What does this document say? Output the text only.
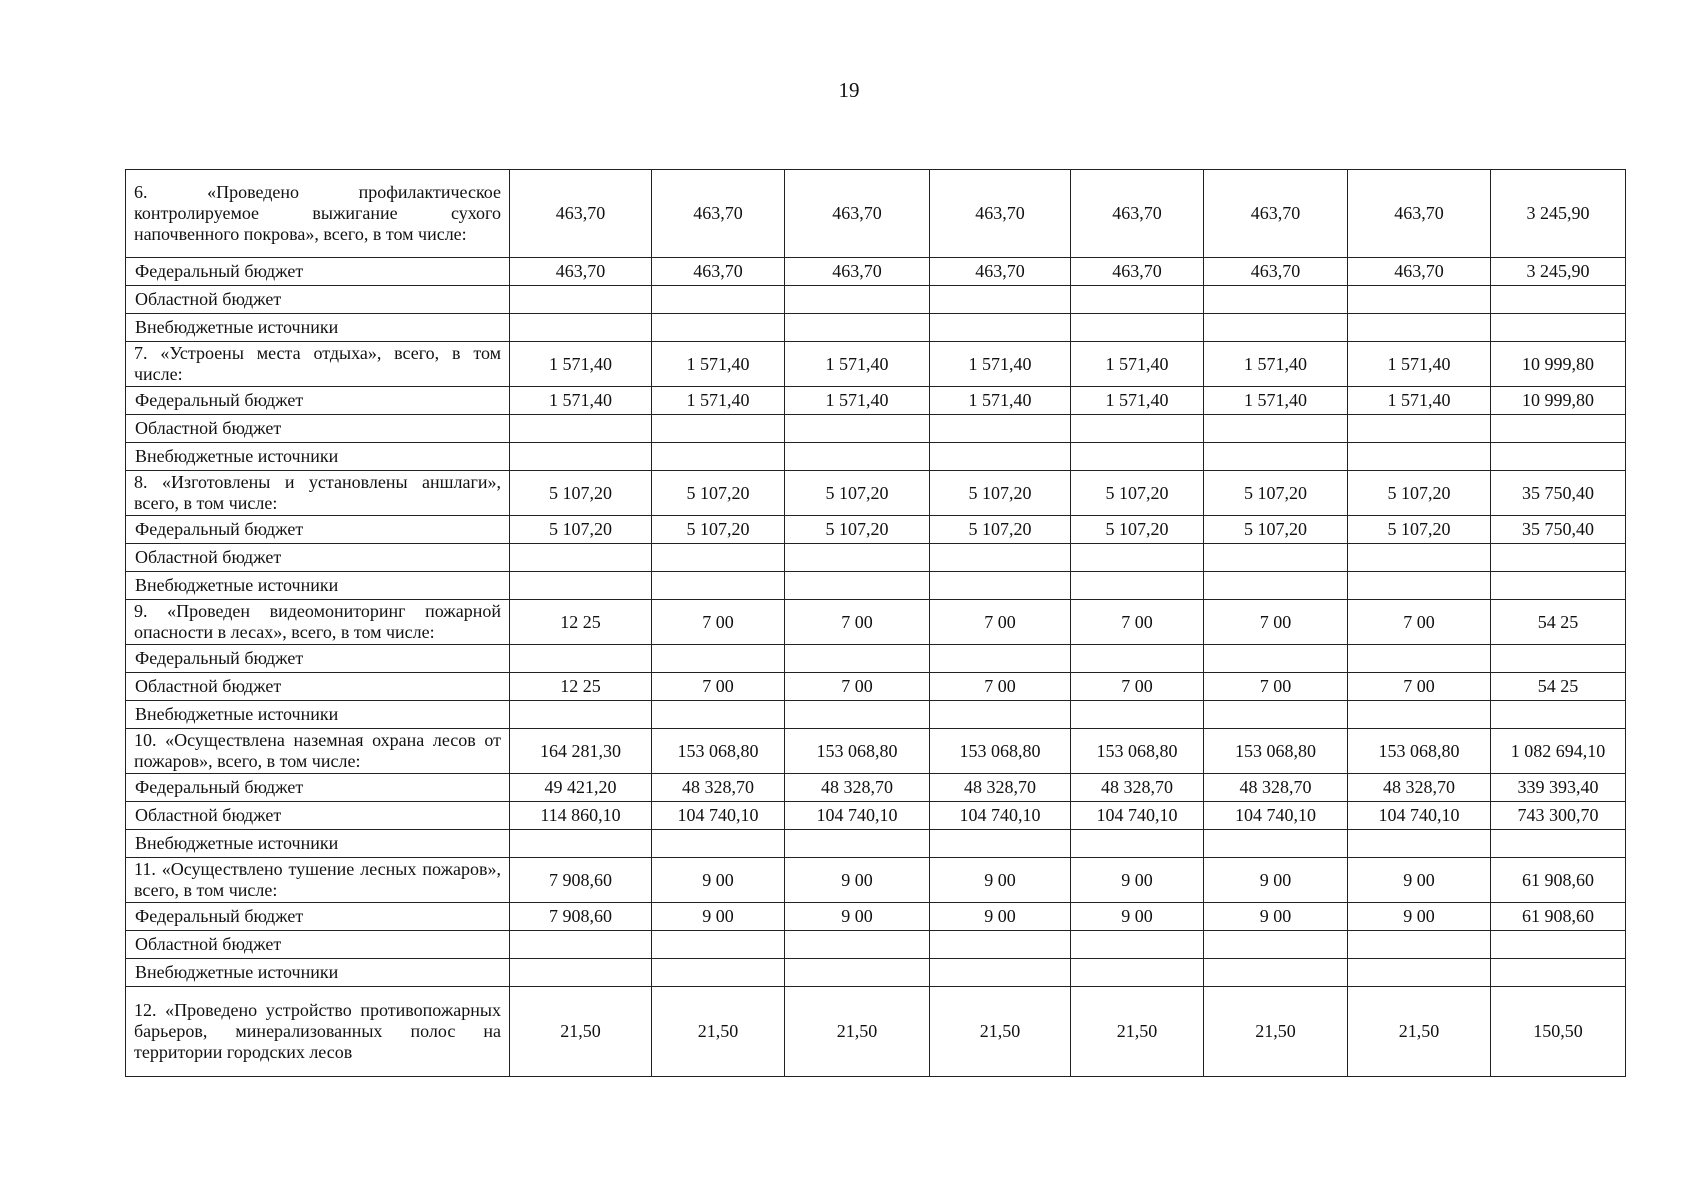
19
6. «Проведено профилактическое контролируемое выжигание сухого напочвенного покрова», всего, в том числе:	463,70	463,70	463,70	463,70	463,70	463,70	463,70	3 245,90
Федеральный бюджет	463,70	463,70	463,70	463,70	463,70	463,70	463,70	3 245,90
Областной бюджет								
Внебюджетные источники								
7. «Устроены места отдыха», всего, в том числе:	1 571,40	1 571,40	1 571,40	1 571,40	1 571,40	1 571,40	1 571,40	10 999,80
Федеральный бюджет	1 571,40	1 571,40	1 571,40	1 571,40	1 571,40	1 571,40	1 571,40	10 999,80
Областной бюджет								
Внебюджетные источники								
8. «Изготовлены и установлены аншлаги», всего, в том числе:	5 107,20	5 107,20	5 107,20	5 107,20	5 107,20	5 107,20	5 107,20	35 750,40
Федеральный бюджет	5 107,20	5 107,20	5 107,20	5 107,20	5 107,20	5 107,20	5 107,20	35 750,40
Областной бюджет								
Внебюджетные источники								
9. «Проведен видеомониторинг пожарной опасности в лесах», всего, в том числе:	12 25	7 00	7 00	7 00	7 00	7 00	7 00	54 25
Федеральный бюджет								
Областной бюджет	12 25	7 00	7 00	7 00	7 00	7 00	7 00	54 25
Внебюджетные источники								
10. «Осуществлена наземная охрана лесов от пожаров», всего, в том числе:	164 281,30	153 068,80	153 068,80	153 068,80	153 068,80	153 068,80	153 068,80	1 082 694,10
Федеральный бюджет	49 421,20	48 328,70	48 328,70	48 328,70	48 328,70	48 328,70	48 328,70	339 393,40
Областной бюджет	114 860,10	104 740,10	104 740,10	104 740,10	104 740,10	104 740,10	104 740,10	743 300,70
Внебюджетные источники								
11. «Осуществлено тушение лесных пожаров», всего, в том числе:	7 908,60	9 00	9 00	9 00	9 00	9 00	9 00	61 908,60
Федеральный бюджет	7 908,60	9 00	9 00	9 00	9 00	9 00	9 00	61 908,60
Областной бюджет								
Внебюджетные источники								
12. «Проведено устройство противопожарных барьеров, минерализованных полос на территории городских лесов	21,50	21,50	21,50	21,50	21,50	21,50	21,50	150,50
